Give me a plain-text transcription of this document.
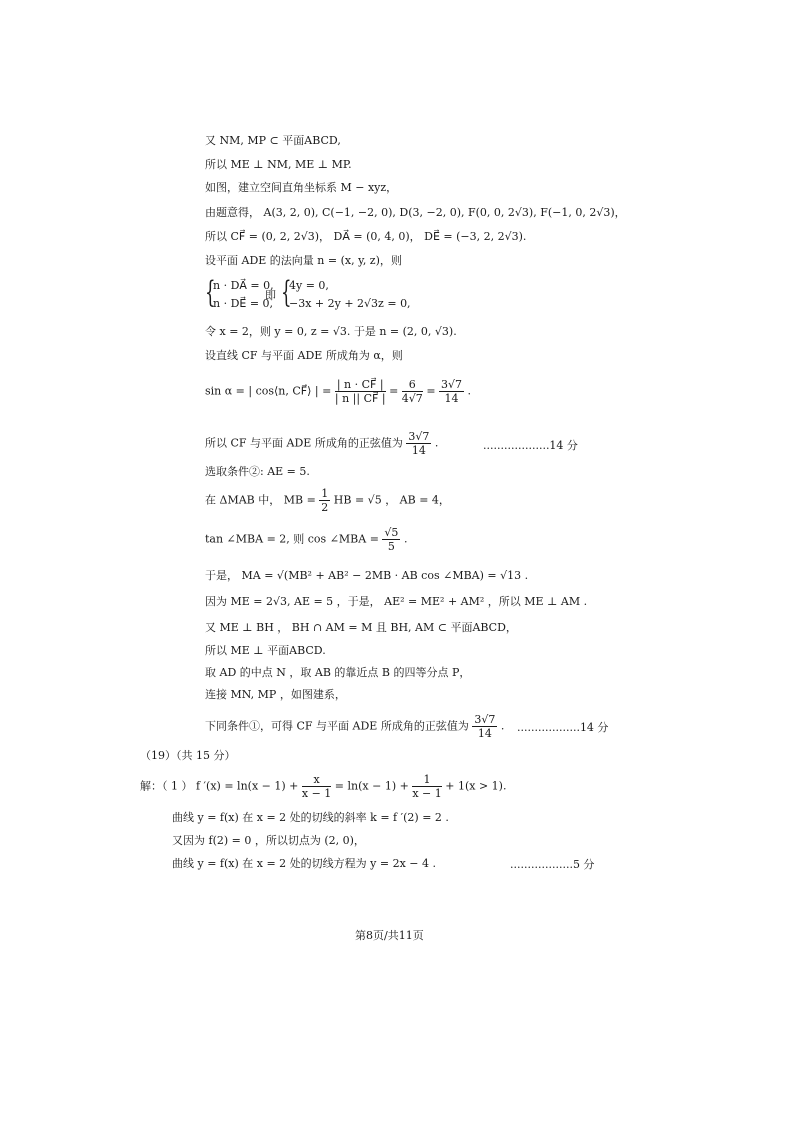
又 NM, MP ⊂ 平面ABCD,
所以 ME ⊥ NM, ME ⊥ MP.
如图，建立空间直角坐标系 M − xyz，
由题意得， A(3, 2, 0), C(−1, −2, 0), D(3, −2, 0), F(0, 0, 2√3), F(−1, 0, 2√3)，
所以 CF⃗ = (0, 2, 2√3)， DA⃗ = (0, 4, 0)， DE⃗ = (−3, 2, 2√3).
设平面 ADE 的法向量 n = (x, y, z)，则
{
n · DA⃗ = 0,
n · DE⃗ = 0,
即 {
4y = 0,
−3x + 2y + 2√3z = 0,
令 x = 2，则 y = 0, z = √3. 于是 n = (2, 0, √3).
设直线 CF 与平面 ADE 所成角为 α，则
sin α = | cos⟨n, CF⃗⟩ | = $\frac{| n \cdot CF⃗ |}{| n || CF⃗ |} = \frac{6}{4√7} = \frac{3√7}{14}$ .
所以 CF 与平面 ADE 所成角的正弦值为 $\frac{3√7}{14}$ .	...................14 分
选取条件②: AE = 5.
在 ΔMAB 中， MB = $\frac{1}{2}$ HB = √5 ， AB = 4，
tan ∠MBA = 2, 则 cos ∠MBA = $\frac{√5}{5}$ .
于是， MA = √(MB² + AB² − 2MB · AB cos ∠MBA) = √13 .
因为 ME = 2√3, AE = 5 ，于是， AE² = ME² + AM² ，所以 ME ⊥ AM .
又 ME ⊥ BH ， BH ∩ AM = M 且 BH, AM ⊂ 平面ABCD，
所以 ME ⊥ 平面ABCD.
取 AD 的中点 N ，取 AB 的靠近点 B 的四等分点 P，
连接 MN, MP ，如图建系，
下同条件①，可得 CF 与平面 ADE 所成角的正弦值为 $\frac{3√7}{14}$ . ..................14 分
（19）（共 15 分）
解：（ 1 ） f $'(x) = \ln(x - 1) + \frac{x}{x - 1} = \ln(x - 1) + \frac{1}{x - 1} + 1(x > 1)$.
曲线 y = f(x) 在 x = 2 处的切线的斜率 k = f ′(2) = 2 .
又因为 f(2) = 0 ，所以切点为 (2, 0)，
曲线 y = f(x) 在 x = 2 处的切线方程为 y = 2x − 4 .	..................5 分
第8页/共11页
